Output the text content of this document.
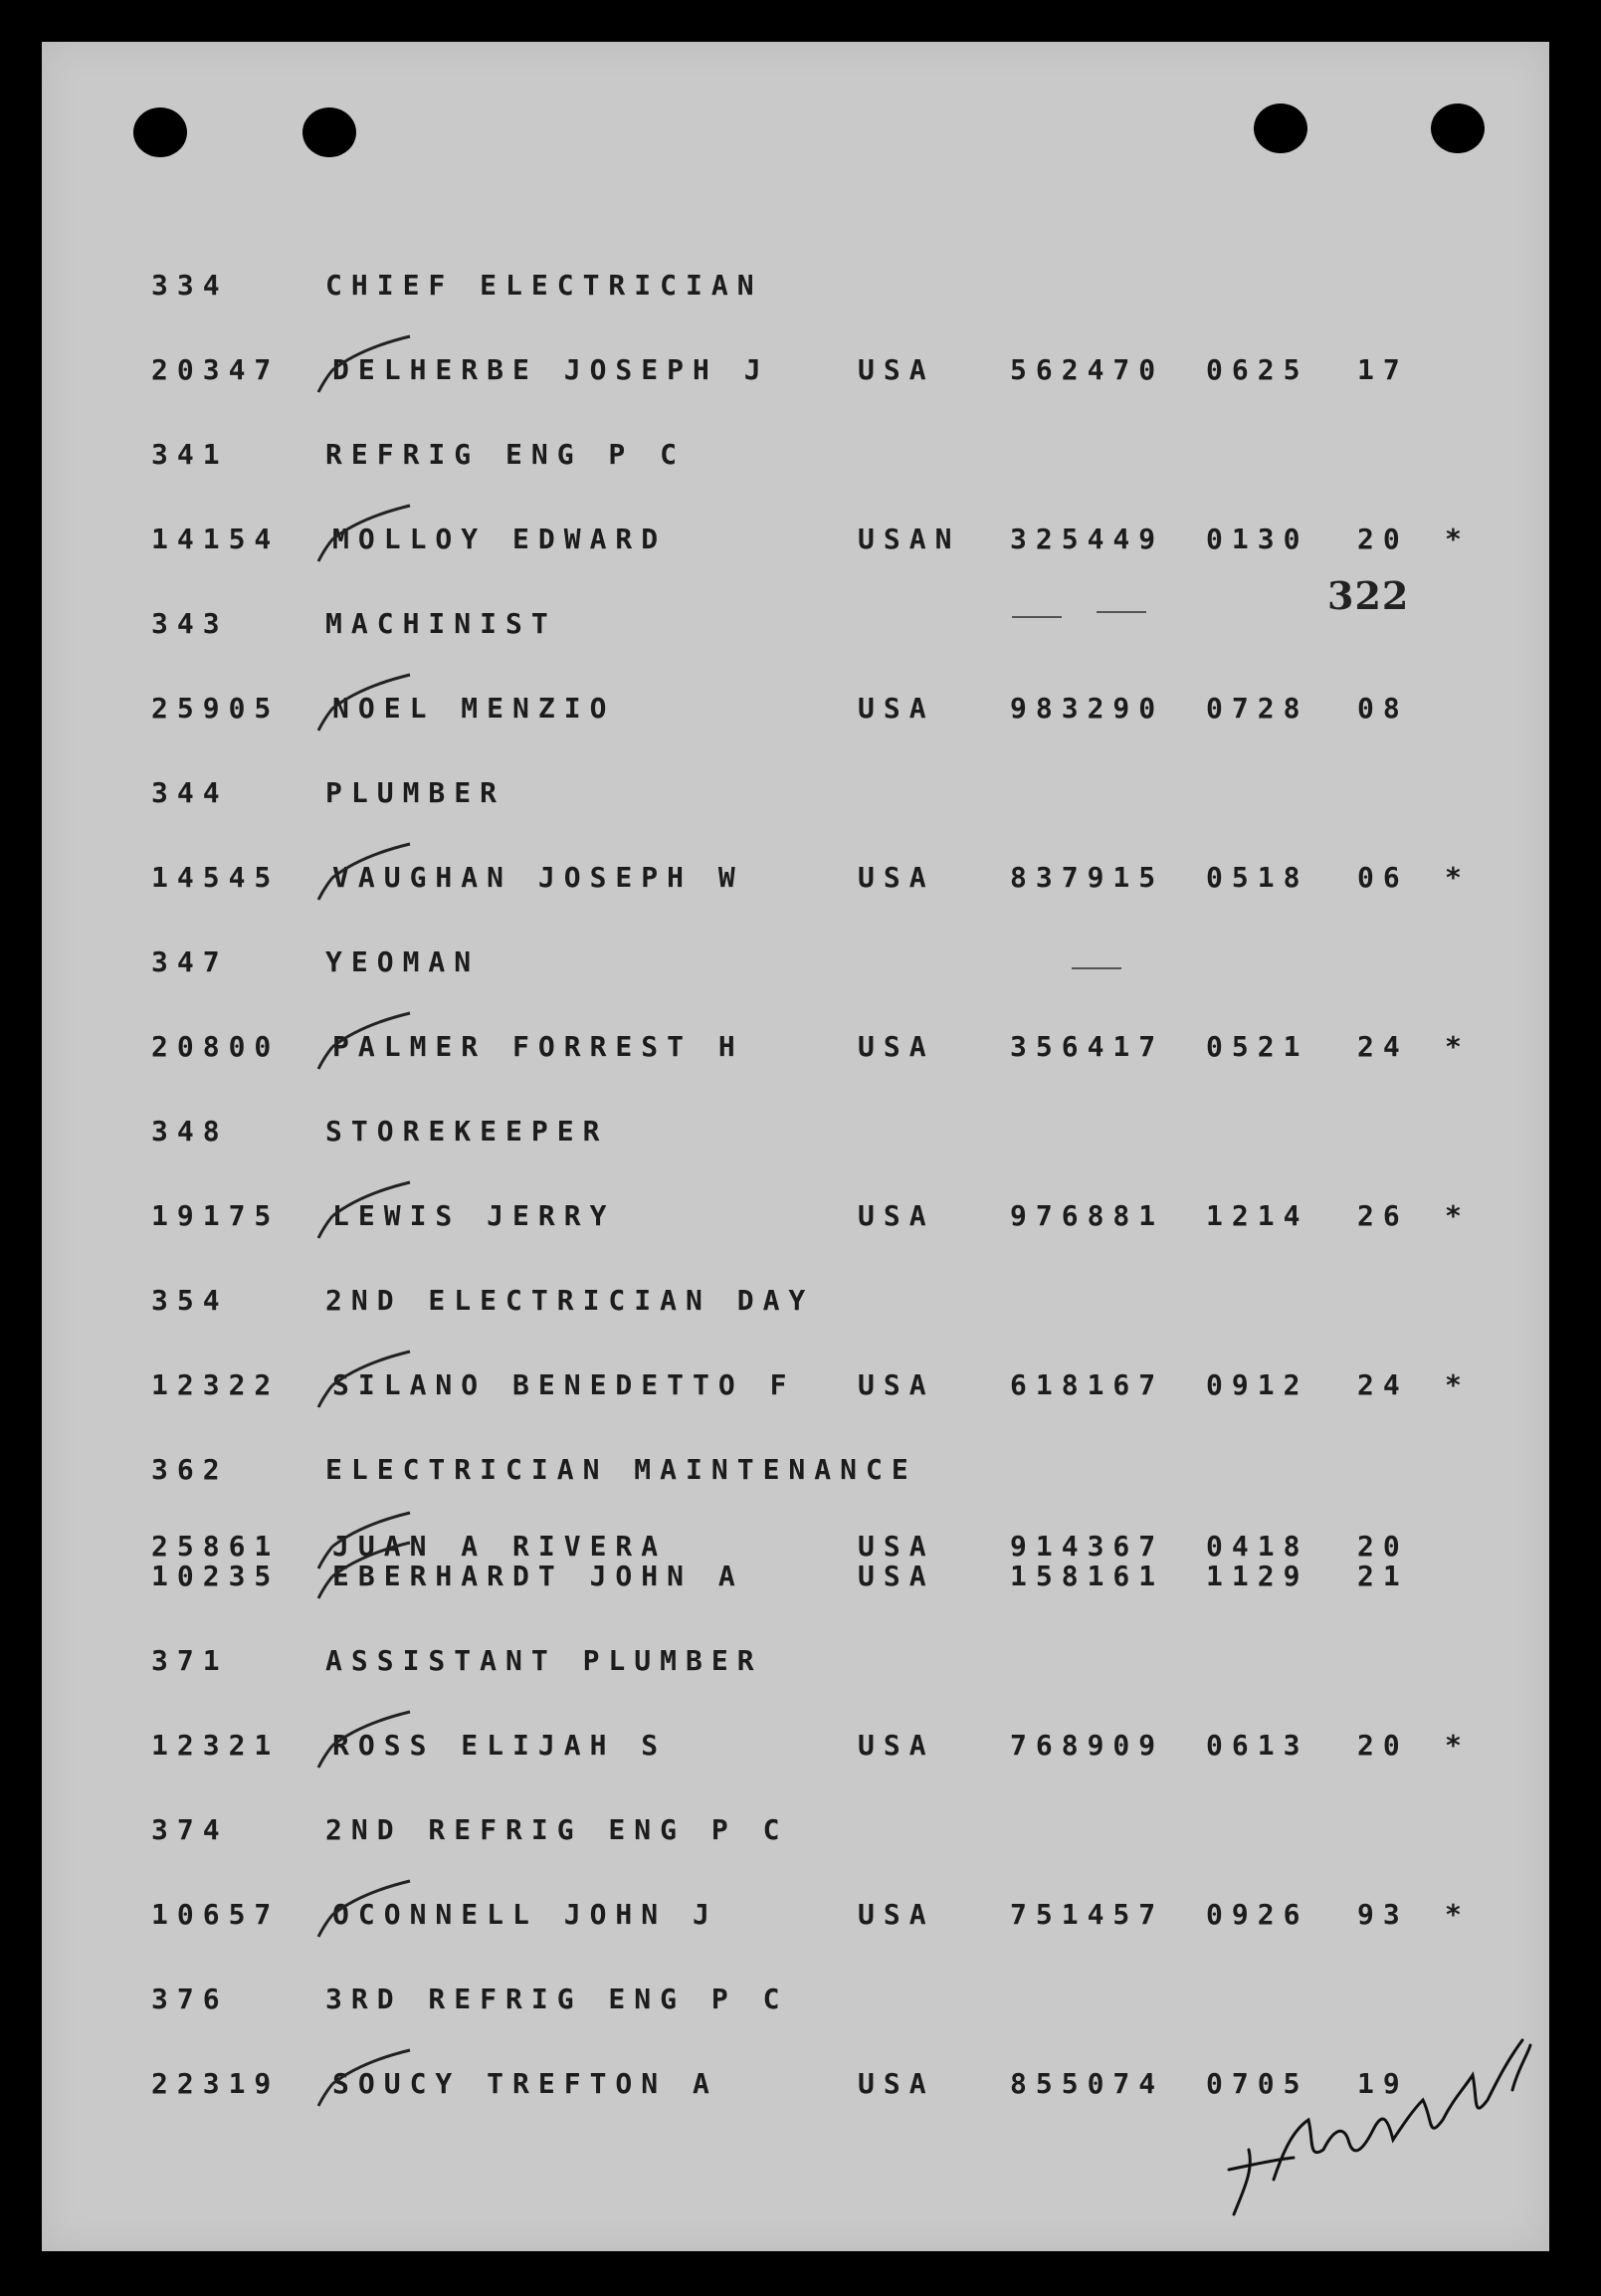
322
334	CHIEF ELECTRICIAN
20347 DELHERBE JOSEPH J	USA	562470 0625 17
341	REFRIG ENG P C
14154 MOLLOY EDWARD	USAN 325449 0130 20 *
343	MACHINIST
25905 NOEL MENZIO	USA	983290 0728 08
344	PLUMBER
14545 VAUGHAN JOSEPH W	USA	837915 0518 06 *
347	YEOMAN
20800 PALMER FORREST H	USA	356417 0521 24 *
348	STOREKEEPER
19175 LEWIS JERRY	USA	976881 1214 26 *
354	2ND ELECTRICIAN DAY
12322 SILANO BENEDETTO F USA	618167 0912 24 *
362	ELECTRICIAN MAINTENANCE
25861 JUAN A RIVERA	USA	914367 0418 20
10235 EBERHARDT JOHN A	USA	158161 1129 21
371	ASSISTANT PLUMBER
12321 ROSS ELIJAH S	USA	768909 0613 20 *
374	2ND REFRIG ENG P C
10657 OCONNELL JOHN J	USA	751457 0926 93 *
376	3RD REFRIG ENG P C
22319 SOUCY TREFTON A	USA	855074 0705 19
